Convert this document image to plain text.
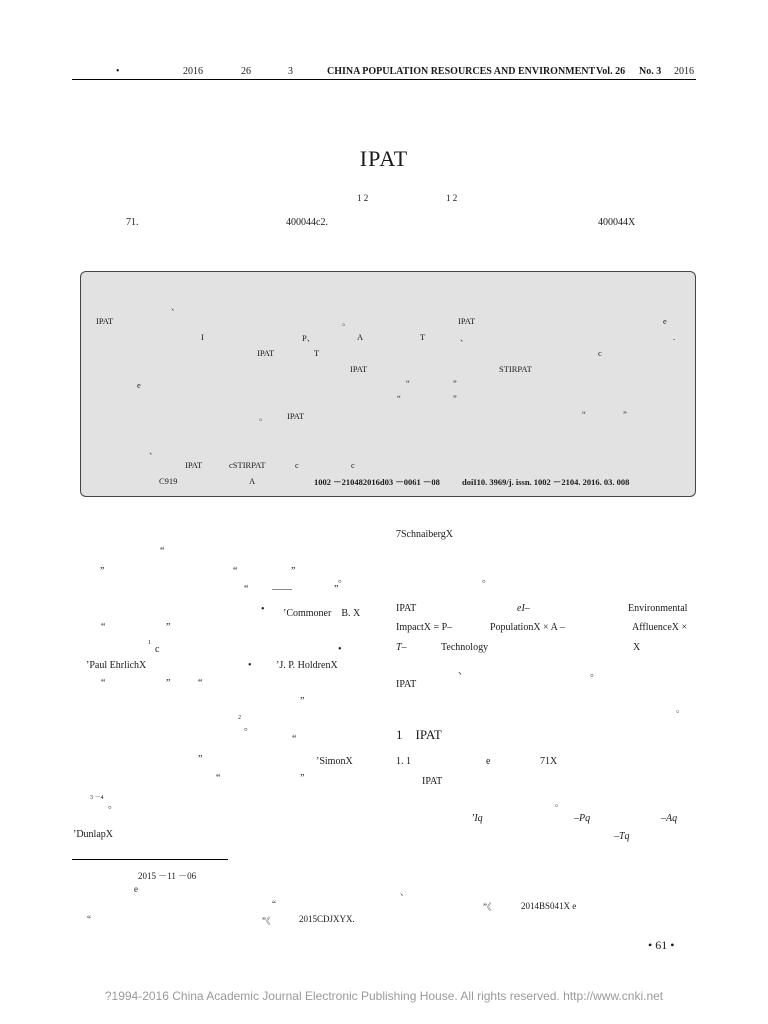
•	2016	26	3	CHINA POPULATION RESOURCES AND ENVIRONMENT Vol. 26 No. 3 2016
IPAT
1 2	1 2
71.	400044c2.	400044X
、
IPAT	。	IPAT	e
I	P、	A	T	、	.
IPAT	T	c
IPAT	STIRPAT
e	“	”
“	”
。 IPAT	“	”
、
IPAT	cSTIRPAT	c	c
C919	A	1002 －210482016d03 －0061 －08	doiI10. 3969/j. issn. 1002 －2104. 2016. 03. 008
“
”	“	”
。
“ ——	”
• ’Commoner　B. X
“	”
1
c	•
’Paul EhrlichX	• ’J. P. HoldrenX
“	”	“
”
2
。
“
”	’SimonX
“	”
3 －4
。
’DunlapX
2015 －11 －06
e
“
“	”《	2015CDJXYX.
7SchnaibergX
。
IPAT	eI–	Environmental
ImpactX = P–	PopulationX × A –	AffluenceX ×
T–	Technology	X
、	。
IPAT
。
1　IPAT
1. 1	e	71X
IPAT
。
’Iq	–Pq	–Aq
–Tq
、
”《	2014BS041X e
• 61 •
?1994-2016 China Academic Journal Electronic Publishing House. All rights reserved. http://www.cnki.net
